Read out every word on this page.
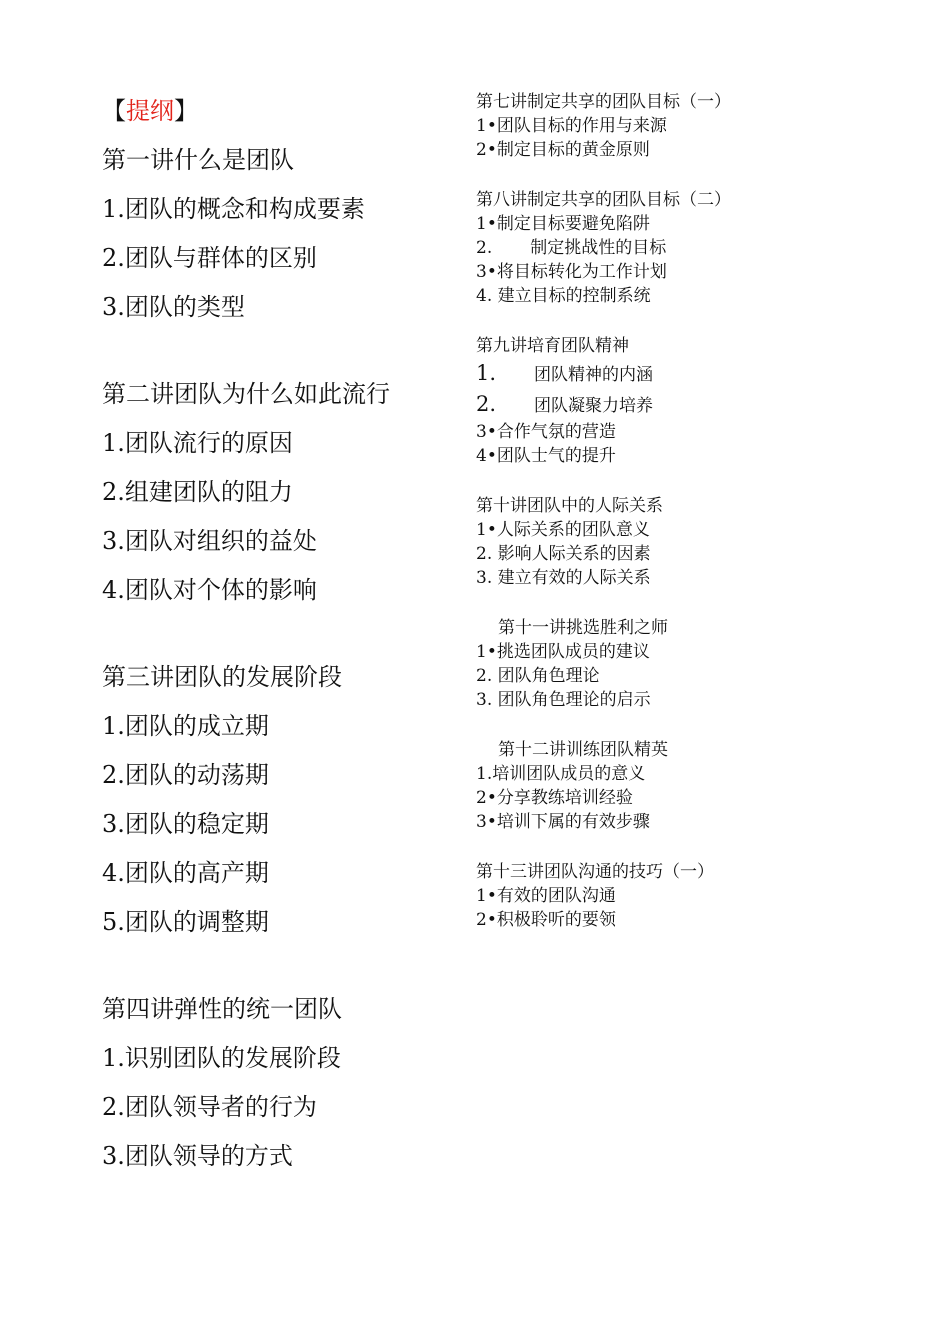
【提纲】
第一讲什么是团队
1.团队的概念和构成要素
2.团队与群体的区别
3.团队的类型
第二讲团队为什么如此流行
1.团队流行的原因
2.组建团队的阻力
3.团队对组织的益处
4.团队对个体的影响
第三讲团队的发展阶段
1.团队的成立期
2.团队的动荡期
3.团队的稳定期
4.团队的高产期
5.团队的调整期
第四讲弹性的统一团队
1.识别团队的发展阶段
2.团队领导者的行为
3.团队领导的方式
第七讲制定共享的团队目标（一）
1•团队目标的作用与来源
2•制定目标的黄金原则
第八讲制定共享的团队目标（二）
1•制定目标要避免陷阱
2. 制定挑战性的目标
3•将目标转化为工作计划
4. 建立目标的控制系统
第九讲培育团队精神
1. 团队精神的内涵
2. 团队凝聚力培养
3•合作气氛的营造
4•团队士气的提升
第十讲团队中的人际关系
1•人际关系的团队意义
2. 影响人际关系的因素
3. 建立有效的人际关系
第十一讲挑选胜利之师
1•挑选团队成员的建议
2. 团队角色理论
3. 团队角色理论的启示
第十二讲训练团队精英
1.培训团队成员的意义
2•分享教练培训经验
3•培训下属的有效步骤
第十三讲团队沟通的技巧（一）
1•有效的团队沟通
2•积极聆听的要领
